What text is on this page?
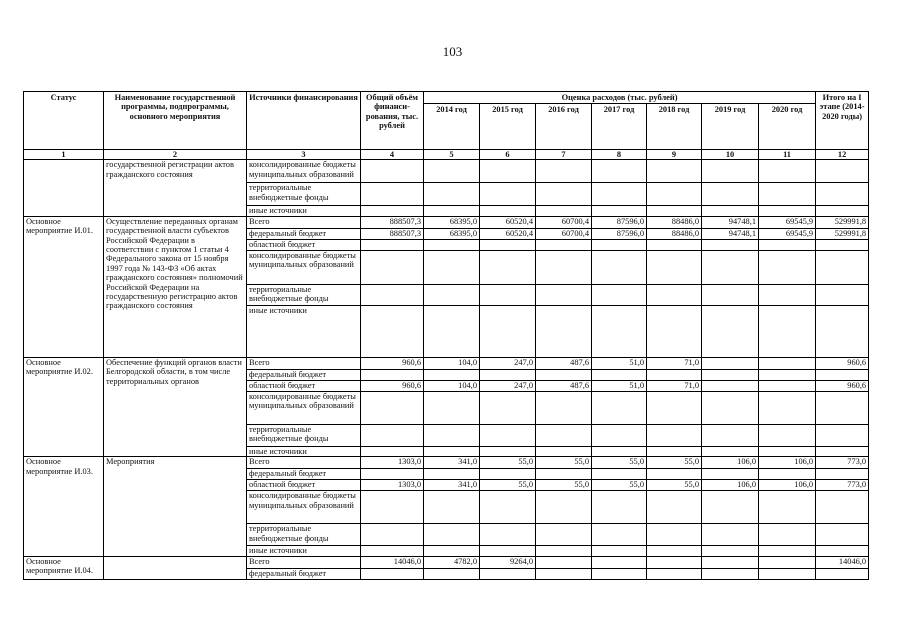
103
Статус	Наименование государственной программы, подпрограммы, основного мероприятия	Источники финансирования	Общий объём финанси-рования, тыс. рублей	Оценка расходов (тыс. рублей)							Итого на I этапе (2014-2020 годы)
				2014 год	2015 год	2016 год	2017 год	2018 год	2019 год	2020 год	
1	2	3	4	5	6	7	8	9	10	11	12
	государственной регистрации актов гражданского состояния	консолидированные бюджеты муниципальных образований									
		территориальные внебюджетные фонды									
		иные источники									
Основное мероприятие И.01.	Осуществление переданных органам государственной власти субъектов Российской Федерации в соответствии с пунктом 1 статьи 4 Федерального закона от 15 ноября 1997 года № 143-ФЗ «Об актах гражданского состояния» полномочий Российской Федерации на государственную регистрацию актов гражданского состояния	Всего	888507,3	68395,0	60520,4	60700,4	87596,0	88486,0	94748,1	69545,9	529991,8
		федеральный бюджет	888507,3	68395,0	60520,4	60700,4	87596,0	88486,0	94748,1	69545,9	529991,8
		областной бюджет									
		консолидированные бюджеты муниципальных образований									
		территориальные внебюджетные фонды									
		иные источники									
Основное мероприятие И.02.	Обеспечение функций органов власти Белгородской области, в том числе территориальных органов	Всего	960,6	104,0	247,0	487,6	51,0	71,0			960,6
		федеральный бюджет									
		областной бюджет	960,6	104,0	247,0	487,6	51,0	71,0			960,6
		консолидированные бюджеты муниципальных образований									
		территориальные внебюджетные фонды									
		иные источники									
Основное мероприятие И.03.	Мероприятия	Всего	1303,0	341,0	55,0	55,0	55,0	55,0	106,0	106,0	773,0
		федеральный бюджет									
		областной бюджет	1303,0	341,0	55,0	55,0	55,0	55,0	106,0	106,0	773,0
		консолидированные бюджеты муниципальных образований									
		территориальные внебюджетные фонды									
		иные источники									
Основное мероприятие И.04.		Всего	14046,0	4782,0	9264,0						14046,0
		федеральный бюджет									
